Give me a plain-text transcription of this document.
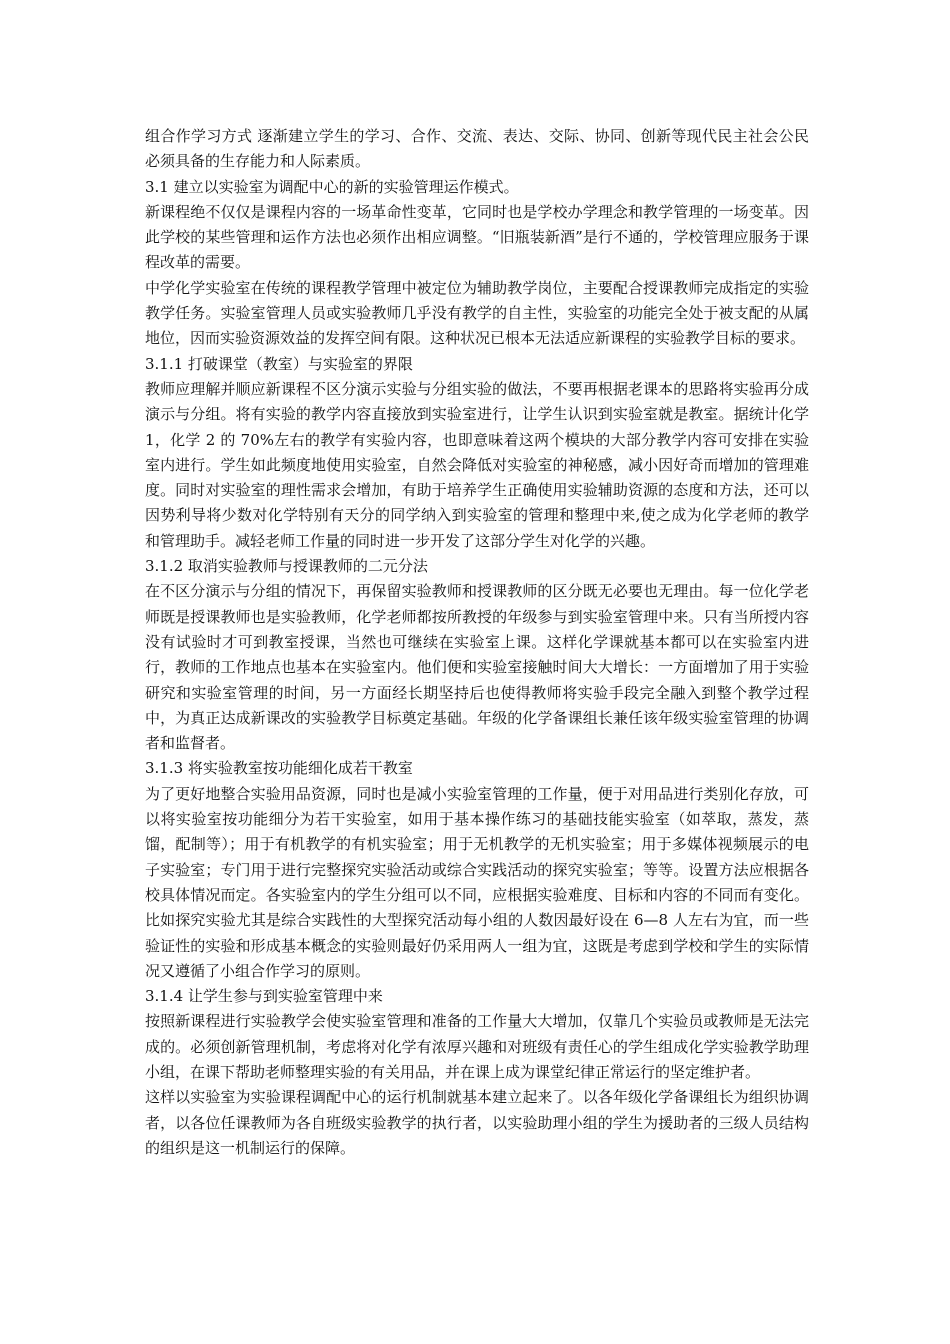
组合作学习方式 逐渐建立学生的学习、合作、交流、表达、交际、协同、创新等现代民主社会公民必须具备的生存能力和人际素质。

3.1 建立以实验室为调配中心的新的实验管理运作模式。

新课程绝不仅仅是课程内容的一场革命性变革，它同时也是学校办学理念和教学管理的一场变革。因此学校的某些管理和运作方法也必须作出相应调整。“旧瓶装新酒”是行不通的，学校管理应服务于课程改革的需要。

中学化学实验室在传统的课程教学管理中被定位为辅助教学岗位，主要配合授课教师完成指定的实验教学任务。实验室管理人员或实验教师几乎没有教学的自主性，实验室的功能完全处于被支配的从属地位，因而实验资源效益的发挥空间有限。这种状况已根本无法适应新课程的实验教学目标的要求。

3.1.1 打破课堂（教室）与实验室的界限

教师应理解并顺应新课程不区分演示实验与分组实验的做法，不要再根据老课本的思路将实验再分成演示与分组。将有实验的教学内容直接放到实验室进行，让学生认识到实验室就是教室。据统计化学 1，化学 2 的 70%左右的教学有实验内容，也即意味着这两个模块的大部分教学内容可安排在实验室内进行。学生如此频度地使用实验室，自然会降低对实验室的神秘感，减小因好奇而增加的管理难度。同时对实验室的理性需求会增加，有助于培养学生正确使用实验辅助资源的态度和方法，还可以因势利导将少数对化学特别有天分的同学纳入到实验室的管理和整理中来,使之成为化学老师的教学和管理助手。减轻老师工作量的同时进一步开发了这部分学生对化学的兴趣。

3.1.2 取消实验教师与授课教师的二元分法

在不区分演示与分组的情况下，再保留实验教师和授课教师的区分既无必要也无理由。每一位化学老师既是授课教师也是实验教师，化学老师都按所教授的年级参与到实验室管理中来。只有当所授内容没有试验时才可到教室授课，当然也可继续在实验室上课。这样化学课就基本都可以在实验室内进行，教师的工作地点也基本在实验室内。他们便和实验室接触时间大大增长：一方面增加了用于实验研究和实验室管理的时间，另一方面经长期坚持后也使得教师将实验手段完全融入到整个教学过程中，为真正达成新课改的实验教学目标奠定基础。年级的化学备课组长兼任该年级实验室管理的协调者和监督者。

3.1.3 将实验教室按功能细化成若干教室

为了更好地整合实验用品资源，同时也是减小实验室管理的工作量，便于对用品进行类别化存放，可以将实验室按功能细分为若干实验室，如用于基本操作练习的基础技能实验室（如萃取，蒸发，蒸馏，配制等）；用于有机教学的有机实验室；用于无机教学的无机实验室；用于多媒体视频展示的电子实验室；专门用于进行完整探究实验活动或综合实践活动的探究实验室；等等。设置方法应根据各校具体情况而定。各实验室内的学生分组可以不同，应根据实验难度、目标和内容的不同而有变化。比如探究实验尤其是综合实践性的大型探究活动每小组的人数因最好设在 6—8 人左右为宜，而一些验证性的实验和形成基本概念的实验则最好仍采用两人一组为宜，这既是考虑到学校和学生的实际情况又遵循了小组合作学习的原则。

3.1.4 让学生参与到实验室管理中来

按照新课程进行实验教学会使实验室管理和准备的工作量大大增加，仅靠几个实验员或教师是无法完成的。必须创新管理机制，考虑将对化学有浓厚兴趣和对班级有责任心的学生组成化学实验教学助理小组，在课下帮助老师整理实验的有关用品，并在课上成为课堂纪律正常运行的坚定维护者。

这样以实验室为实验课程调配中心的运行机制就基本建立起来了。以各年级化学备课组长为组织协调者，以各位任课教师为各自班级实验教学的执行者，以实验助理小组的学生为援助者的三级人员结构的组织是这一机制运行的保障。
